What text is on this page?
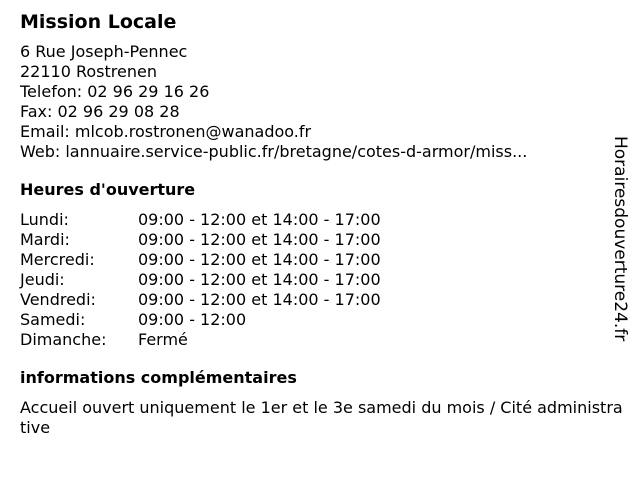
Mission Locale
6 Rue Joseph-Pennec
22110 Rostrenen
Telefon: 02 96 29 16 26
Fax: 02 96 29 08 28
Email: mlcob.rostronen@wanadoo.fr
Web: lannuaire.service-public.fr/bretagne/cotes-d-armor/miss...
Heures d'ouverture
Lundi:	09:00 - 12:00 et 14:00 - 17:00
Mardi:	09:00 - 12:00 et 14:00 - 17:00
Mercredi:	09:00 - 12:00 et 14:00 - 17:00
Jeudi:	09:00 - 12:00 et 14:00 - 17:00
Vendredi:	09:00 - 12:00 et 14:00 - 17:00
Samedi:	09:00 - 12:00
Dimanche:	Fermé
informations complémentaires
Accueil ouvert uniquement le 1er et le 3e samedi du mois / Cité administrative
Horairesdouverture24.fr
